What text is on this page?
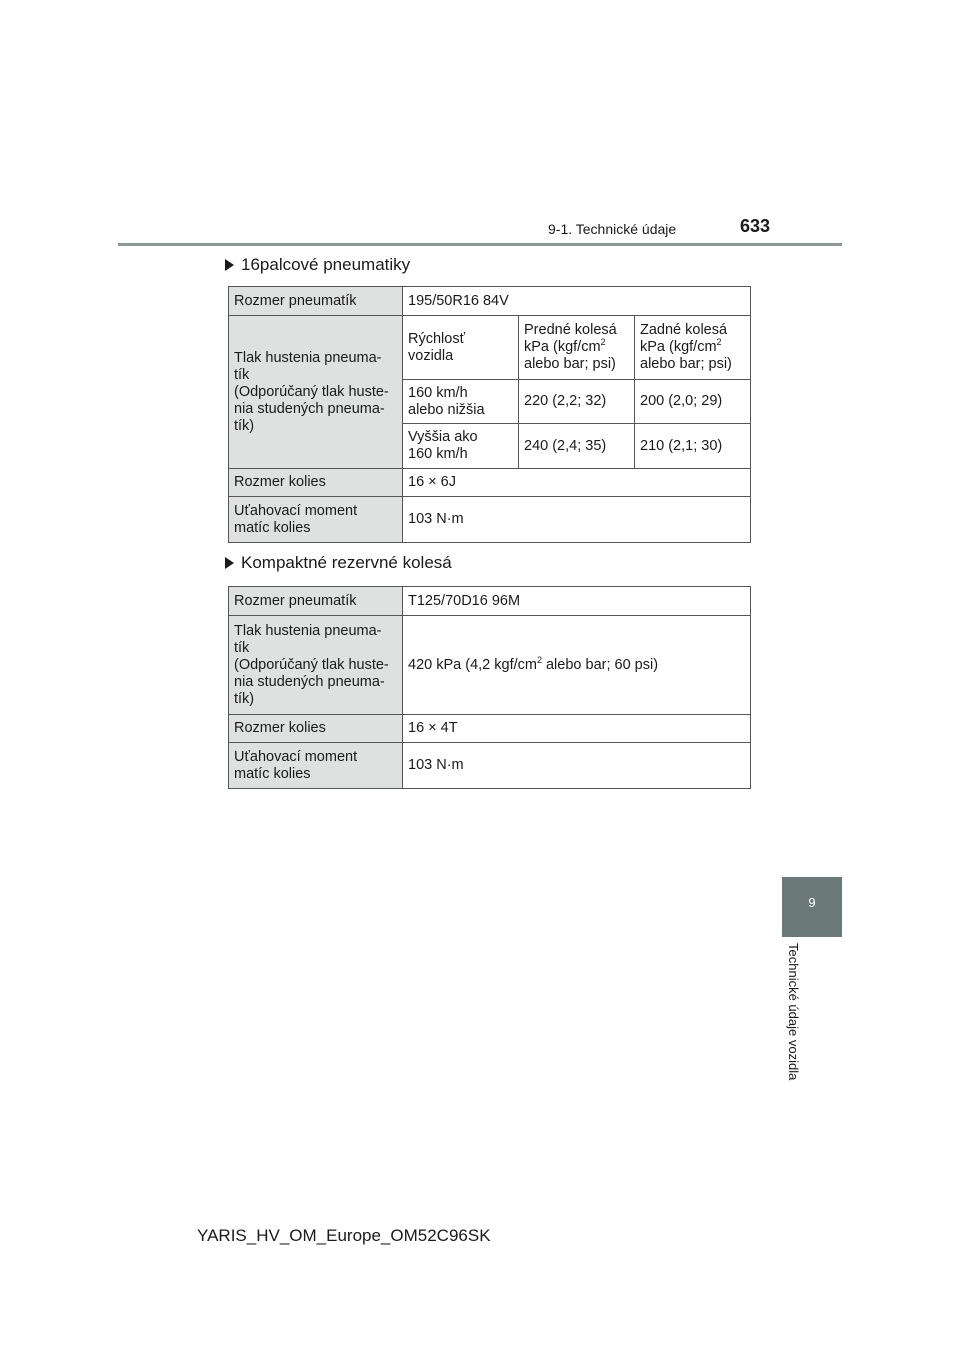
9-1. Technické údaje	633
16palcové pneumatiky
Rozmer pneumatík	195/50R16 84V		
Tlak hustenia pneuma-
tík
(Odporúčaný tlak huste-
nia studených pneuma-
tík)	Rýchlosť
vozidla	Predné kolesá
kPa ($kgf/cm^2$
alebo bar; psi)	Zadné kolesá
kPa ($kgf/cm^2$
alebo bar; psi)
	160 km/h
alebo nižšia	220 (2,2; 32)	200 (2,0; 29)
	Vyššia ako
160 km/h	240 (2,4; 35)	210 (2,1; 30)
Rozmer kolies	16 × 6J		
Uťahovací moment
matíc kolies	103 N·m		
Kompaktné rezervné kolesá
Rozmer pneumatík	T125/70D16 96M
Tlak hustenia pneuma-
tík
(Odporúčaný tlak huste-
nia studených pneuma-
tík)	420 kPa (4,2 kgf/$cm^2$ alebo bar; 60 psi)
Rozmer kolies	16 × 4T
Uťahovací moment
matíc kolies	103 N·m
9
Technické údaje vozidla
YARIS_HV_OM_Europe_OM52C96SK
